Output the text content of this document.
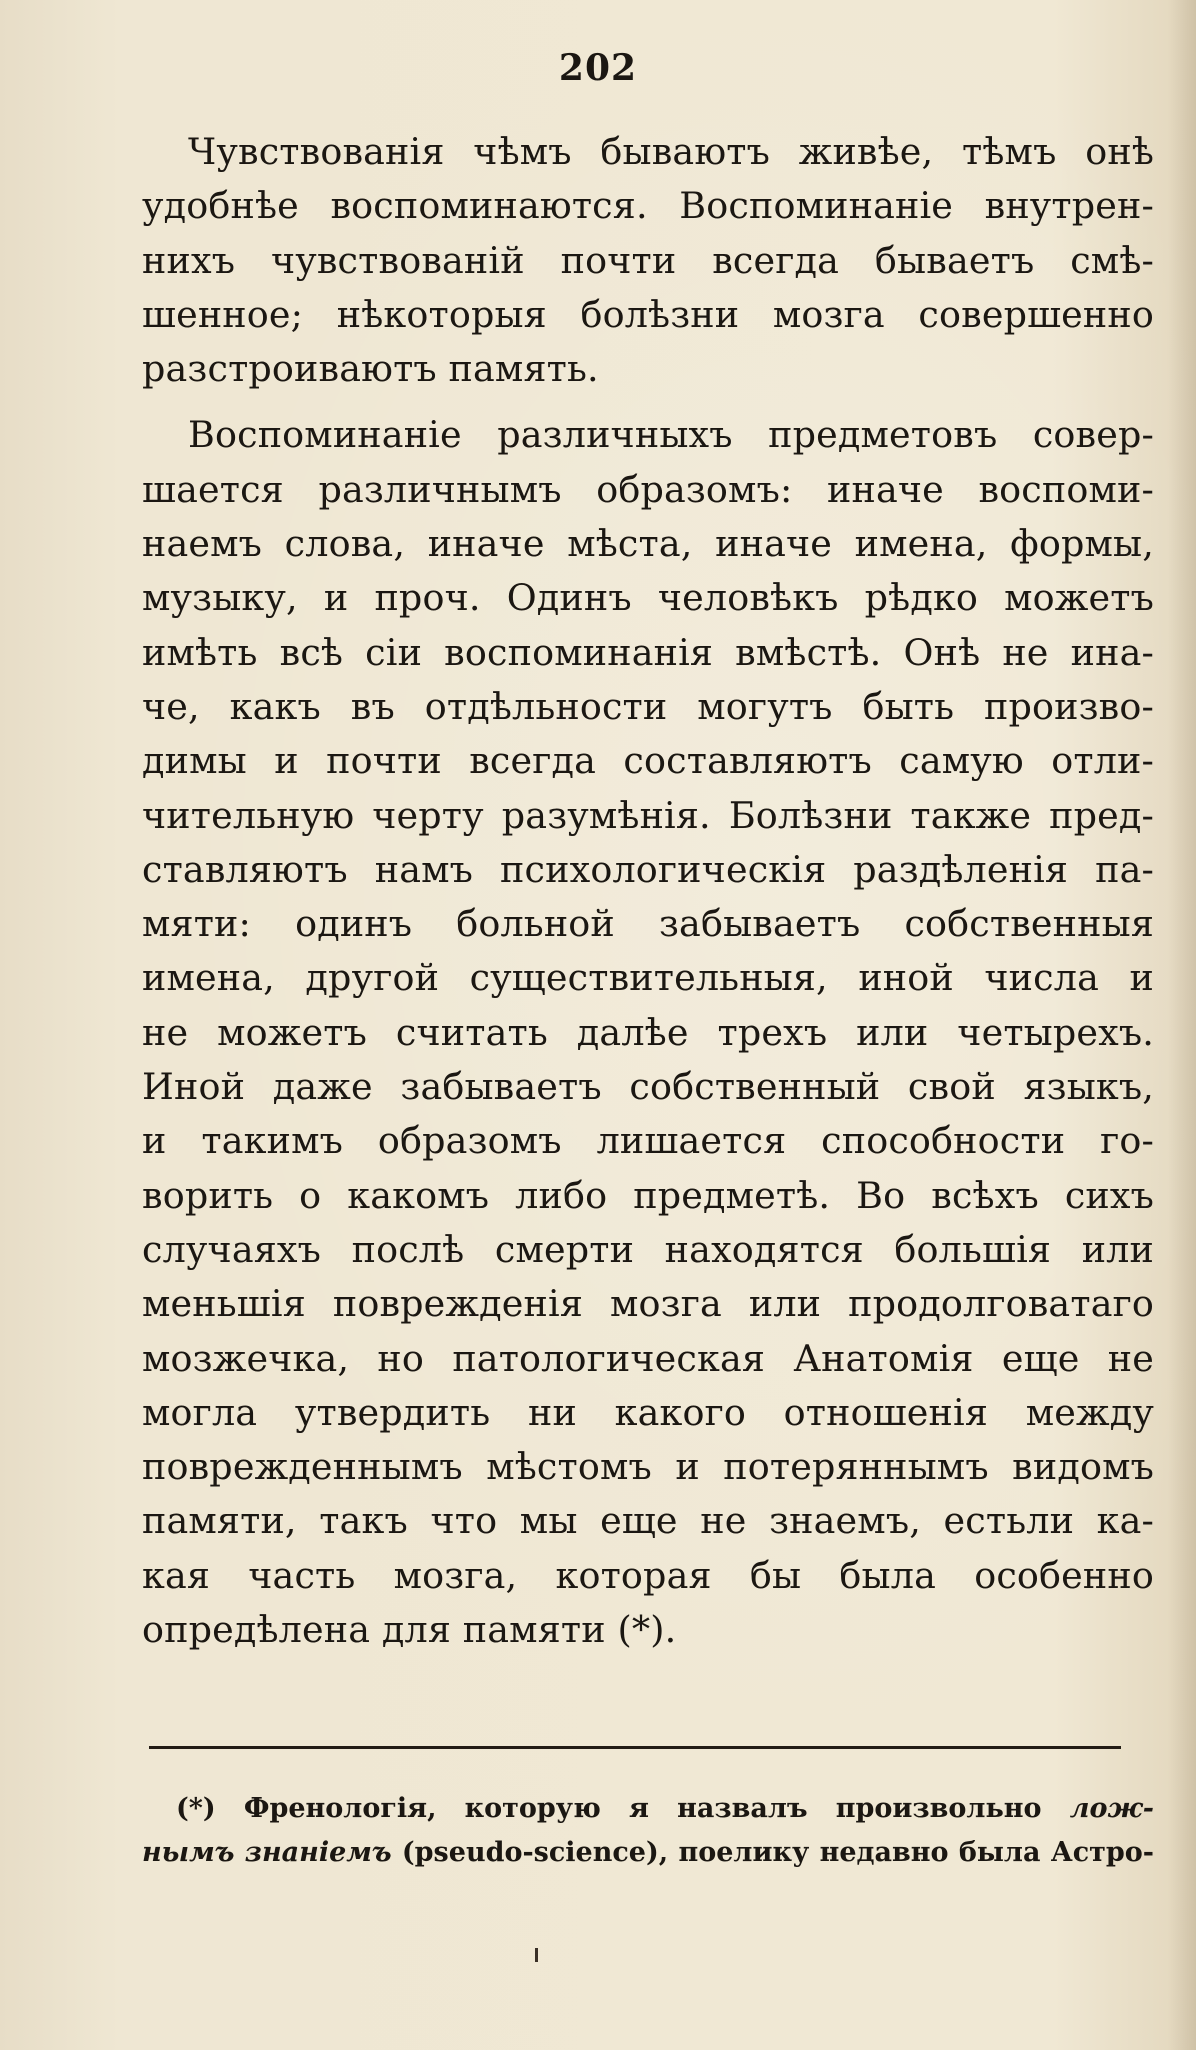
202
Чувствованія чѣмъ бываютъ живѣе, тѣмъ онѣ
удобнѣе воспоминаются. Воспоминаніе внутрен-
нихъ чувствованій почти всегда бываетъ смѣ-
шенное; нѣкоторыя болѣзни мозга совершенно
разстроиваютъ память.
Воспоминаніе различныхъ предметовъ совер-
шается различнымъ образомъ: иначе воспоми-
наемъ слова, иначе мѣста, иначе имена, формы,
музыку, и проч. Одинъ человѣкъ рѣдко можетъ
имѣть всѣ сіи воспоминанія вмѣстѣ. Онѣ не ина-
че, какъ въ отдѣльности могутъ быть произво-
димы и почти всегда составляютъ самую отли-
чительную черту разумѣнія. Болѣзни также пред-
ставляютъ намъ психологическія раздѣленія па-
мяти: одинъ больной забываетъ собственныя
имена, другой существительныя, иной числа и
не можетъ считать далѣе трехъ или четырехъ.
Иной даже забываетъ собственный свой языкъ,
и такимъ образомъ лишается способности го-
ворить о какомъ либо предметѣ. Во всѣхъ сихъ
случаяхъ послѣ смерти находятся большія или
меньшія поврежденія мозга или продолговатаго
мозжечка, но патологическая Анатомія еще не
могла утвердить ни какого отношенія между
поврежденнымъ мѣстомъ и потеряннымъ видомъ
памяти, такъ что мы еще не знаемъ, естьли ка-
кая часть мозга, которая бы была особенно
опредѣлена для памяти (*).
(*) Френологія, которую я назвалъ произвольно лож-
нымъ знаніемъ (pseudo-science), поелику недавно была Астро-
